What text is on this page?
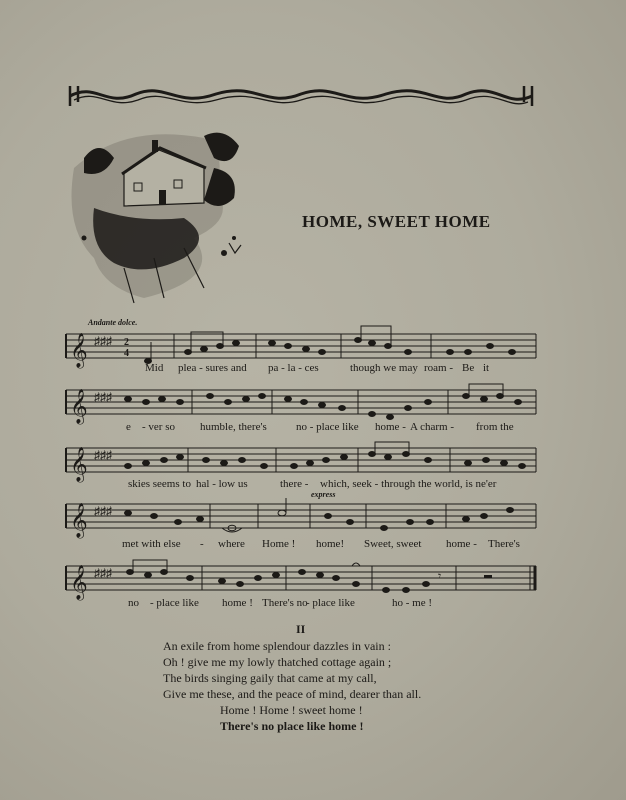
HOME, SWEET HOME
Andante dolce.
𝄞 ♯♯♯ 2
4
Mid plea - sures and pa - la - ces	though we may roam - Be it
𝄞 ♯♯♯
e - ver so humble, there's	no - place like home - A charm - from the
𝄞 ♯♯♯
skies seems to hal - low us	there - which, seek - through the world, is ne'er
express
𝄞 ♯♯♯
met with else - where Home ! home! Sweet, sweet home - There's
𝄞 ♯♯♯	𝄾
no - place like home ! There's no
- place like	ho - me !
II
An exile from home splendour dazzles in vain :
Oh ! give me my lowly thatched cottage again ;
The birds singing gaily that came at my call,
Give me these, and the peace of mind, dearer than all.
Home ! Home ! sweet home !
There's no place like home !
